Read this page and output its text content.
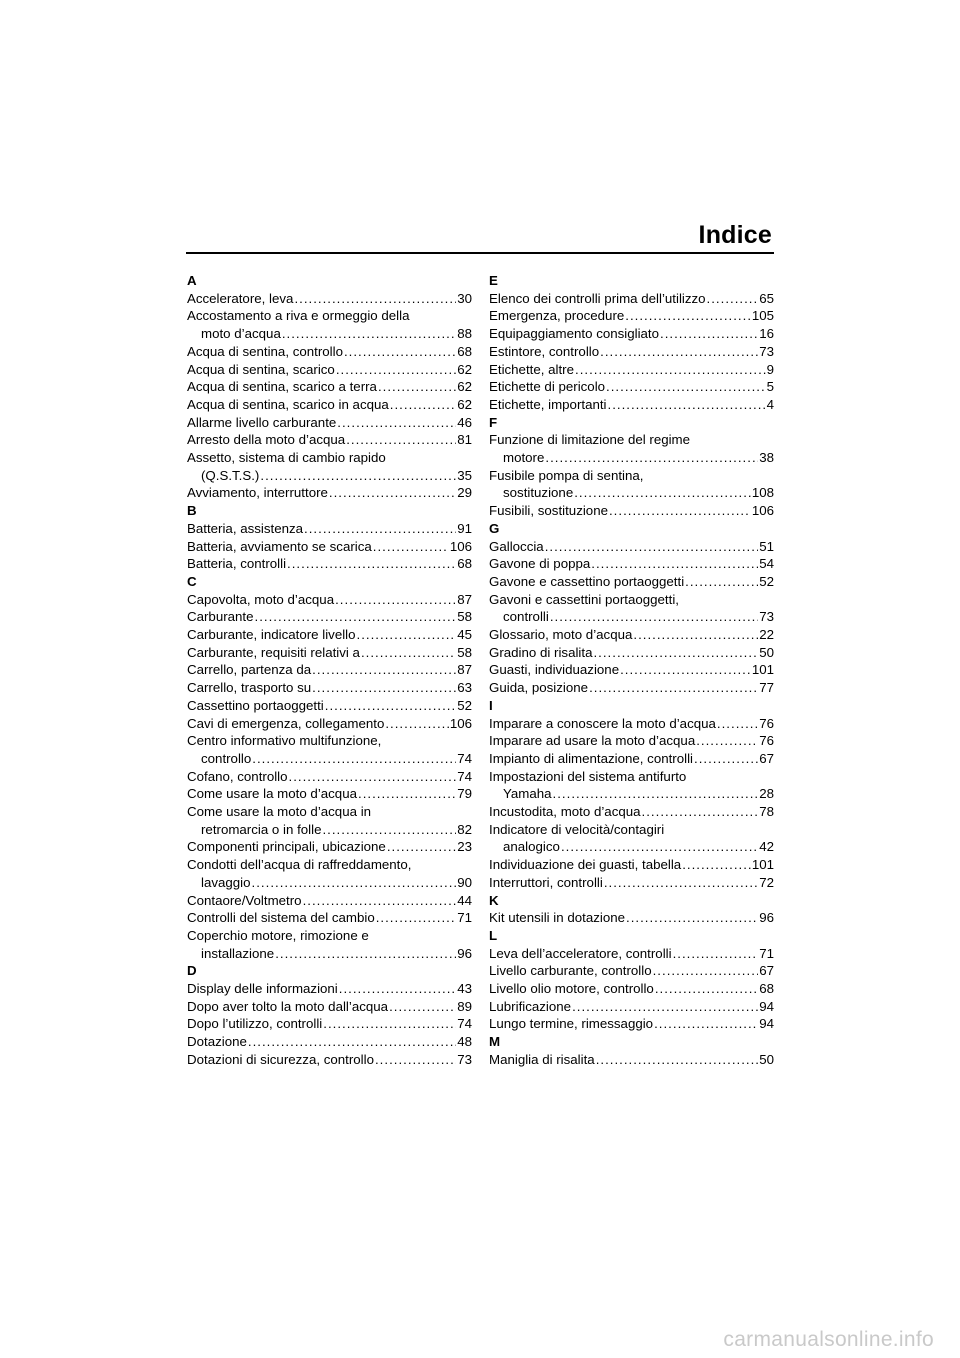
Indice
A
Acceleratore, leva .....	30
Accostamento a riva e ormeggio della
moto d’acqua .....	88
Acqua di sentina, controllo .....	68
Acqua di sentina, scarico .....	62
Acqua di sentina, scarico a terra .....	62
Acqua di sentina, scarico in acqua .....	62
Allarme livello carburante .....	46
Arresto della moto d’acqua .....	81
Assetto, sistema di cambio rapido
(Q.S.T.S.) .....	35
Avviamento, interruttore .....	29
B
Batteria, assistenza .....	91
Batteria, avviamento se scarica .....	106
Batteria, controlli .....	68
C
Capovolta, moto d’acqua .....	87
Carburante .....	58
Carburante, indicatore livello .....	45
Carburante, requisiti relativi a .....	58
Carrello, partenza da .....	87
Carrello, trasporto su .....	63
Cassettino portaoggetti .....	52
Cavi di emergenza, collegamento .....	106
Centro informativo multifunzione,
controllo .....	74
Cofano, controllo .....	74
Come usare la moto d’acqua .....	79
Come usare la moto d’acqua in
retromarcia o in folle .....	82
Componenti principali, ubicazione .....	23
Condotti dell’acqua di raffreddamento,
lavaggio .....	90
Contaore/Voltmetro .....	44
Controlli del sistema del cambio .....	71
Coperchio motore, rimozione e
installazione .....	96
D
Display delle informazioni .....	43
Dopo aver tolto la moto dall’acqua .....	89
Dopo l’utilizzo, controlli .....	74
Dotazione .....	48
Dotazioni di sicurezza, controllo .....	73
E
Elenco dei controlli prima dell’utilizzo .....	65
Emergenza, procedure .....	105
Equipaggiamento consigliato .....	16
Estintore, controllo .....	73
Etichette, altre .....	9
Etichette di pericolo .....	5
Etichette, importanti .....	4
F
Funzione di limitazione del regime
motore .....	38
Fusibile pompa di sentina,
sostituzione .....	108
Fusibili, sostituzione .....	106
G
Galloccia .....	51
Gavone di poppa .....	54
Gavone e cassettino portaoggetti .....	52
Gavoni e cassettini portaoggetti,
controlli .....	73
Glossario, moto d’acqua .....	22
Gradino di risalita .....	50
Guasti, individuazione .....	101
Guida, posizione .....	77
I
Imparare a conoscere la moto d’acqua .....	76
Imparare ad usare la moto d’acqua .....	76
Impianto di alimentazione, controlli .....	67
Impostazioni del sistema antifurto
Yamaha .....	28
Incustodita, moto d’acqua .....	78
Indicatore di velocità/contagiri
analogico .....	42
Individuazione dei guasti, tabella .....	101
Interruttori, controlli .....	72
K
Kit utensili in dotazione .....	96
L
Leva dell’acceleratore, controlli .....	71
Livello carburante, controllo .....	67
Livello olio motore, controllo .....	68
Lubrificazione .....	94
Lungo termine, rimessaggio .....	94
M
Maniglia di risalita .....	50
carmanualsonline.info
